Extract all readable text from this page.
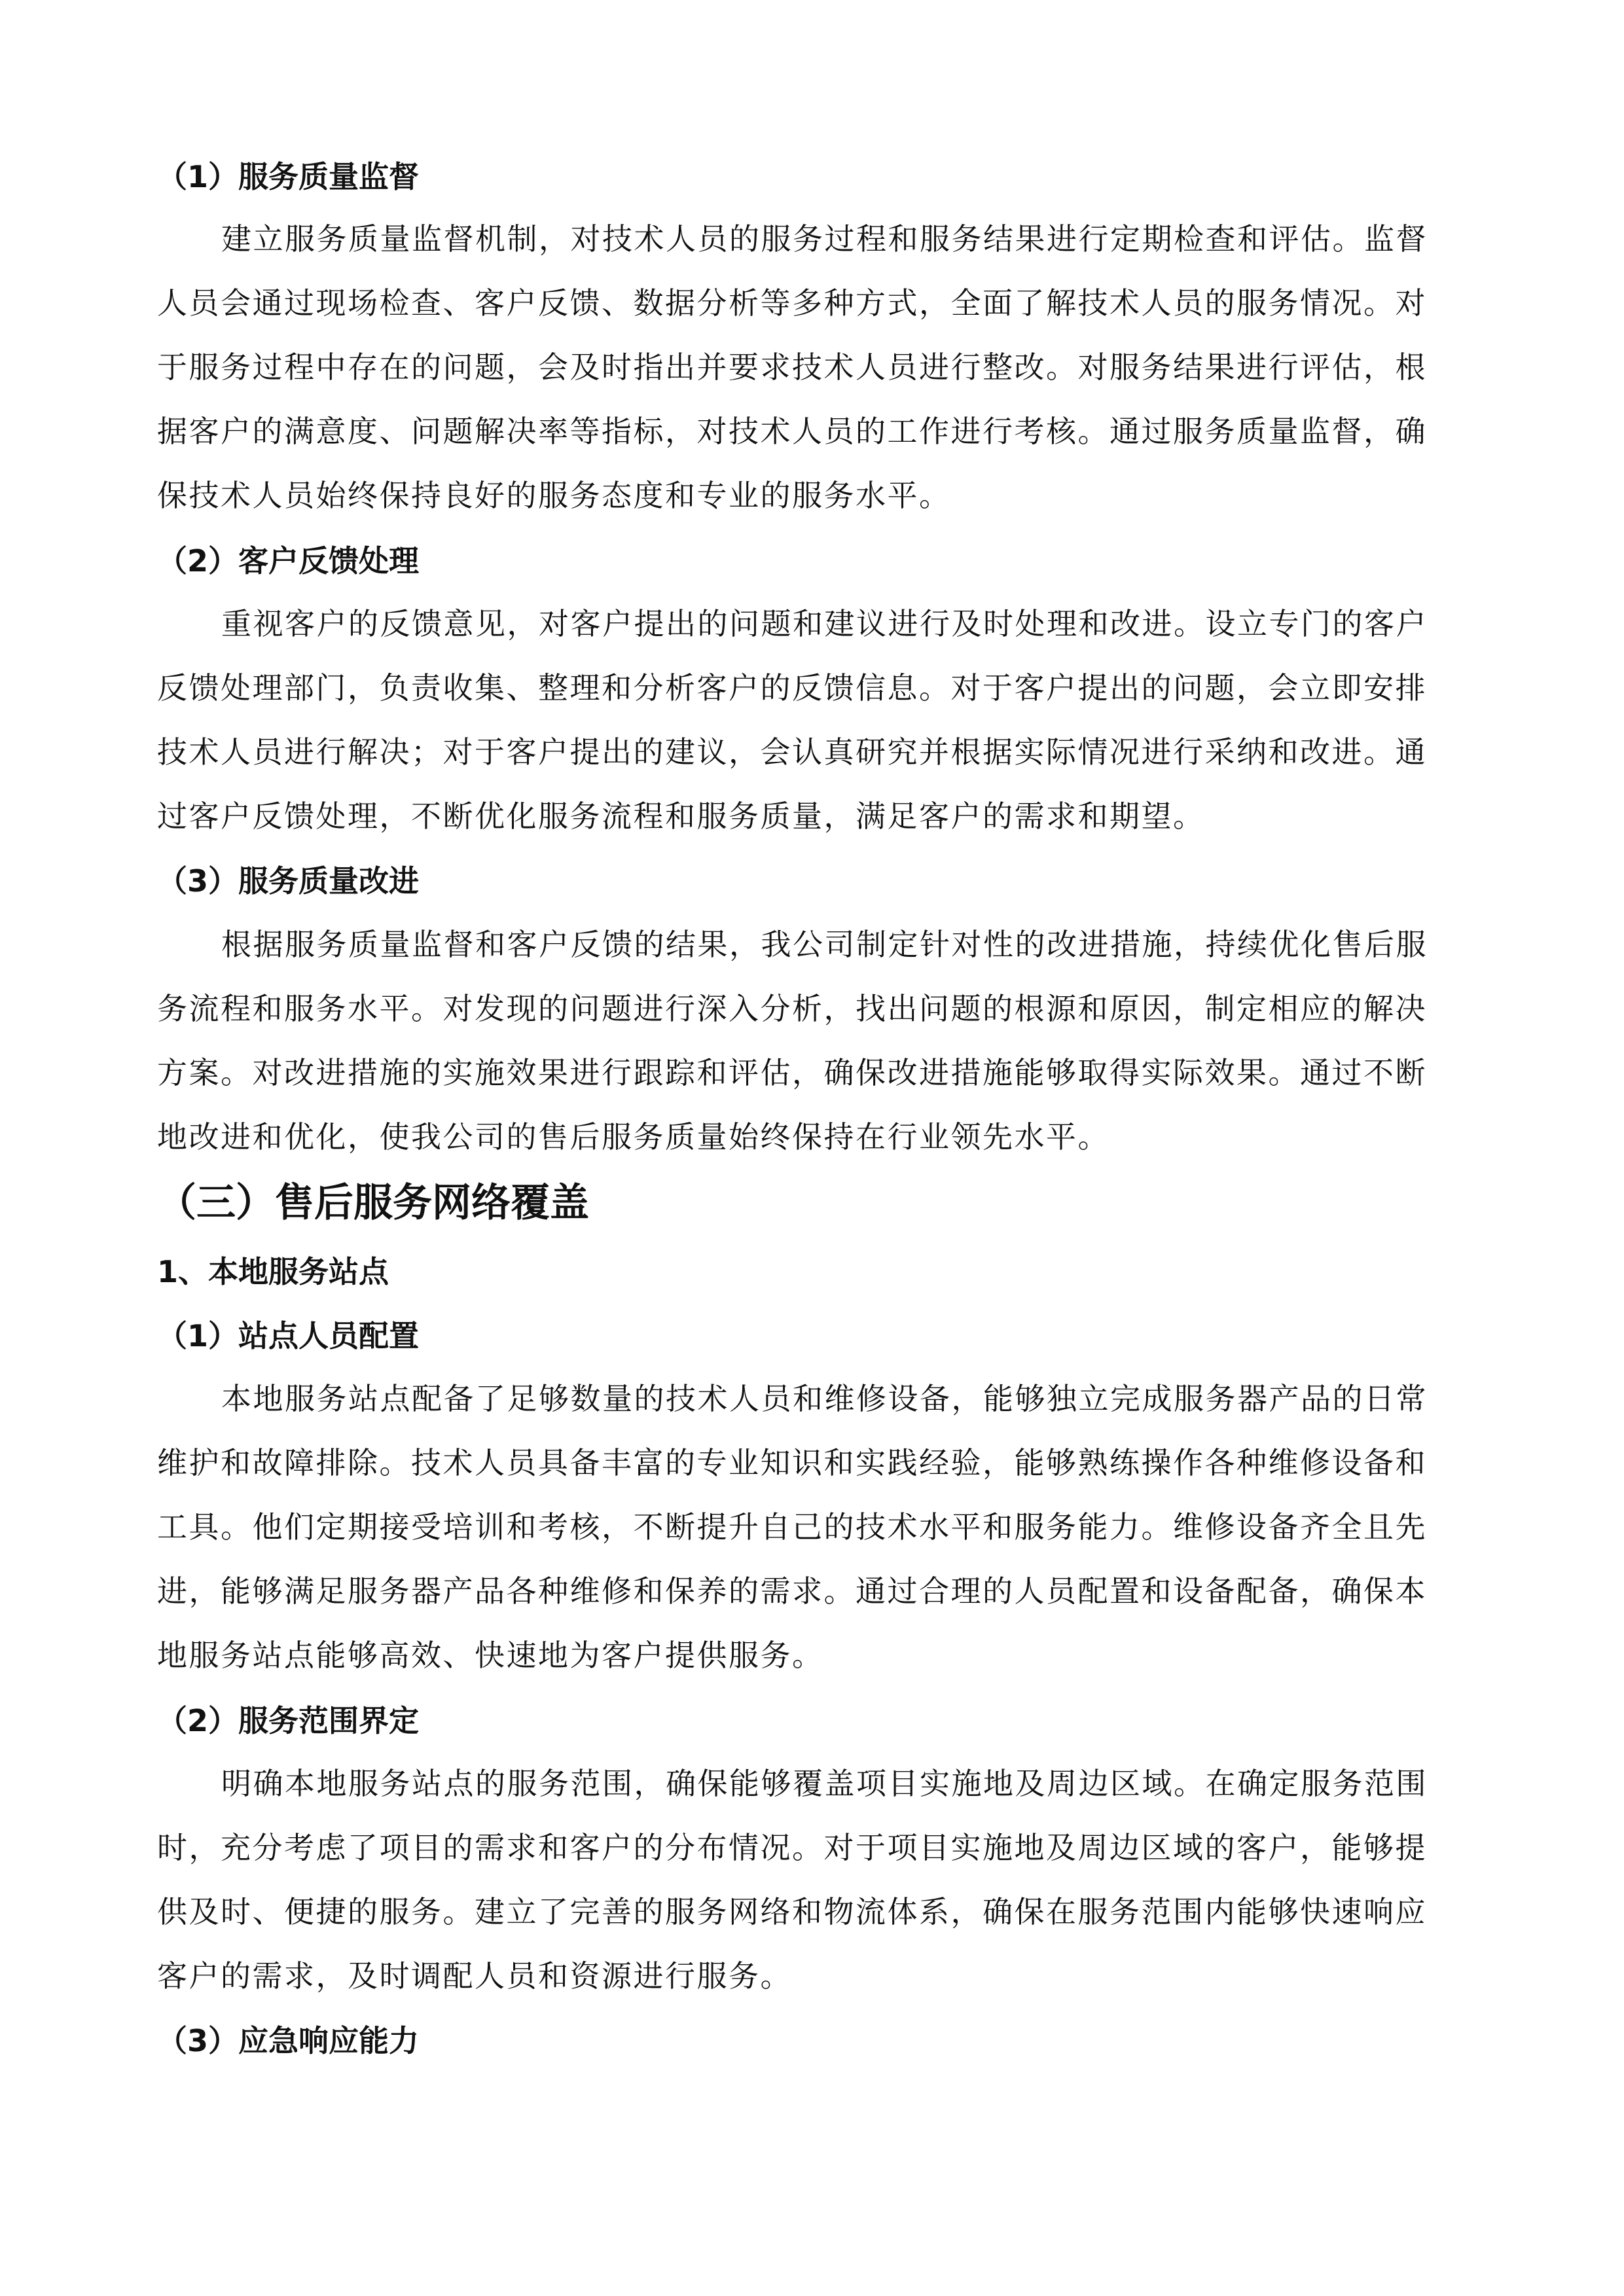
（1）服务质量监督
建立服务质量监督机制，对技术人员的服务过程和服务结果进行定期检查和评估。监督
人员会通过现场检查、客户反馈、数据分析等多种方式，全面了解技术人员的服务情况。对
于服务过程中存在的问题，会及时指出并要求技术人员进行整改。对服务结果进行评估，根
据客户的满意度、问题解决率等指标，对技术人员的工作进行考核。通过服务质量监督，确
保技术人员始终保持良好的服务态度和专业的服务水平。
（2）客户反馈处理
重视客户的反馈意见，对客户提出的问题和建议进行及时处理和改进。设立专门的客户
反馈处理部门，负责收集、整理和分析客户的反馈信息。对于客户提出的问题，会立即安排
技术人员进行解决；对于客户提出的建议，会认真研究并根据实际情况进行采纳和改进。通
过客户反馈处理，不断优化服务流程和服务质量，满足客户的需求和期望。
（3）服务质量改进
根据服务质量监督和客户反馈的结果，我公司制定针对性的改进措施，持续优化售后服
务流程和服务水平。对发现的问题进行深入分析，找出问题的根源和原因，制定相应的解决
方案。对改进措施的实施效果进行跟踪和评估，确保改进措施能够取得实际效果。通过不断
地改进和优化，使我公司的售后服务质量始终保持在行业领先水平。
（三）售后服务网络覆盖
1、本地服务站点
（1）站点人员配置
本地服务站点配备了足够数量的技术人员和维修设备，能够独立完成服务器产品的日常
维护和故障排除。技术人员具备丰富的专业知识和实践经验，能够熟练操作各种维修设备和
工具。他们定期接受培训和考核，不断提升自己的技术水平和服务能力。维修设备齐全且先
进，能够满足服务器产品各种维修和保养的需求。通过合理的人员配置和设备配备，确保本
地服务站点能够高效、快速地为客户提供服务。
（2）服务范围界定
明确本地服务站点的服务范围，确保能够覆盖项目实施地及周边区域。在确定服务范围
时，充分考虑了项目的需求和客户的分布情况。对于项目实施地及周边区域的客户，能够提
供及时、便捷的服务。建立了完善的服务网络和物流体系，确保在服务范围内能够快速响应
客户的需求，及时调配人员和资源进行服务。
（3）应急响应能力
